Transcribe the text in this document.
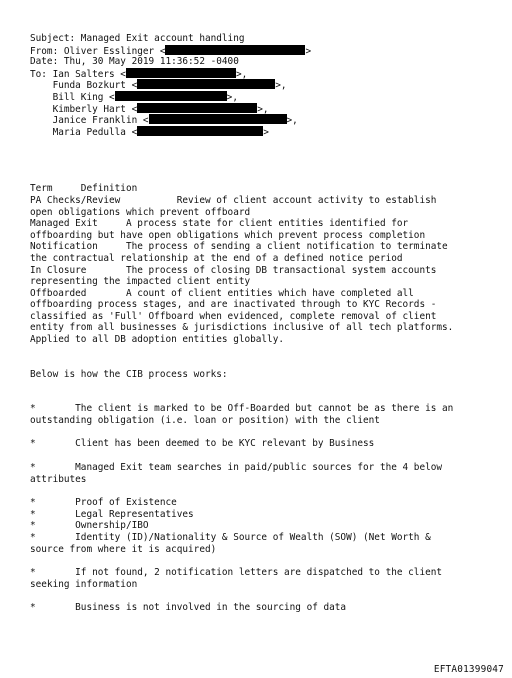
Subject: Managed Exit account handling
From: Oliver Esslinger <	>
Date: Thu, 30 May 2019 11:36:52 -0400
To: Ian Salters <	>,
Funda Bozkurt <	>,
Bill King <	>,
Kimberly Hart <	>,
Janice Franklin <	>,
Maria Pedulla <	>
Term     Definition
PA Checks/Review          Review of client account activity to establish
open obligations which prevent offboard
Managed Exit     A process state for client entities identified for
offboarding but have open obligations which prevent process completion
Notification     The process of sending a client notification to terminate
the contractual relationship at the end of a defined notice period
In Closure       The process of closing DB transactional system accounts
representing the impacted client entity
Offboarded       A count of client entities which have completed all
offboarding process stages, and are inactivated through to KYC Records -
classified as 'Full' Offboard when evidenced, complete removal of client
entity from all businesses & jurisdictions inclusive of all tech platforms.
Applied to all DB adoption entities globally.
Below is how the CIB process works:
*       The client is marked to be Off-Boarded but cannot be as there is an
outstanding obligation (i.e. loan or position) with the client
*       Client has been deemed to be KYC relevant by Business
*       Managed Exit team searches in paid/public sources for the 4 below
attributes
*       Proof of Existence
*       Legal Representatives
*       Ownership/IBO
*       Identity (ID)/Nationality & Source of Wealth (SOW) (Net Worth &
source from where it is acquired)
*       If not found, 2 notification letters are dispatched to the client
seeking information
*       Business is not involved in the sourcing of data
EFTA01399047
